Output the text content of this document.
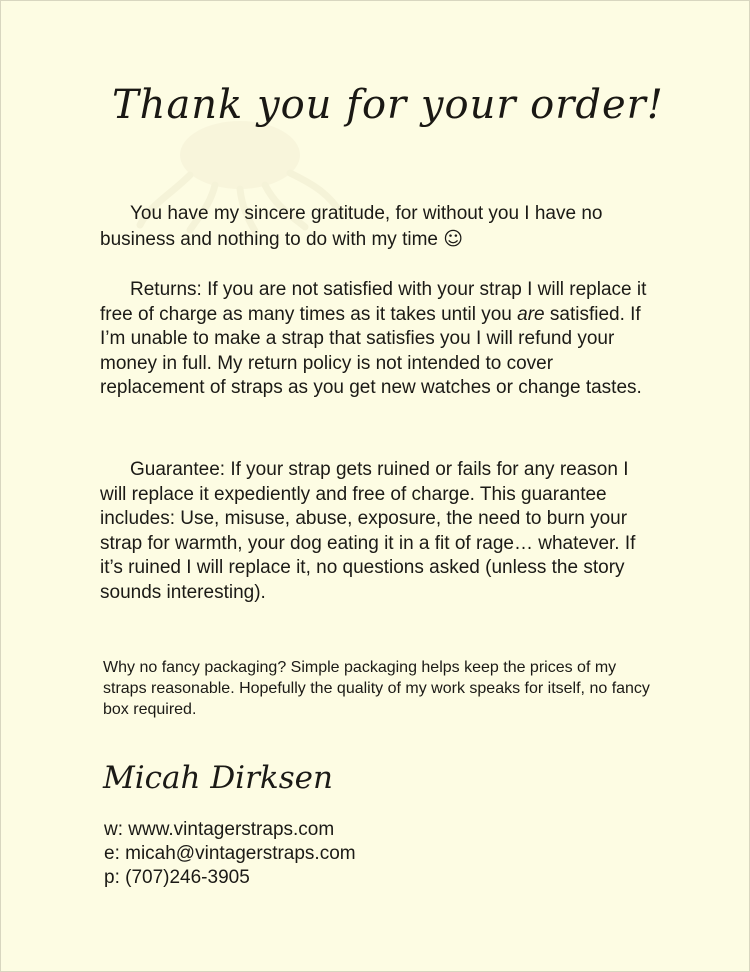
Thank you for your order!

You have my sincere gratitude, for without you I have no business and nothing to do with my time ☺

Returns: If you are not satisfied with your strap I will replace it free of charge as many times as it takes until you are satisfied. If I’m unable to make a strap that satisfies you I will refund your money in full. My return policy is not intended to cover replacement of straps as you get new watches or change tastes.

Guarantee: If your strap gets ruined or fails for any reason I will replace it expediently and free of charge. This guarantee includes: Use, misuse, abuse, exposure, the need to burn your strap for warmth, your dog eating it in a fit of rage… whatever. If it’s ruined I will replace it, no questions asked (unless the story sounds interesting).

Why no fancy packaging? Simple packaging helps keep the prices of my straps reasonable. Hopefully the quality of my work speaks for itself, no fancy box required.

Micah Dirksen
w: www.vintagerstraps.com
e: micah@vintagerstraps.com
p: (707)246-3905
